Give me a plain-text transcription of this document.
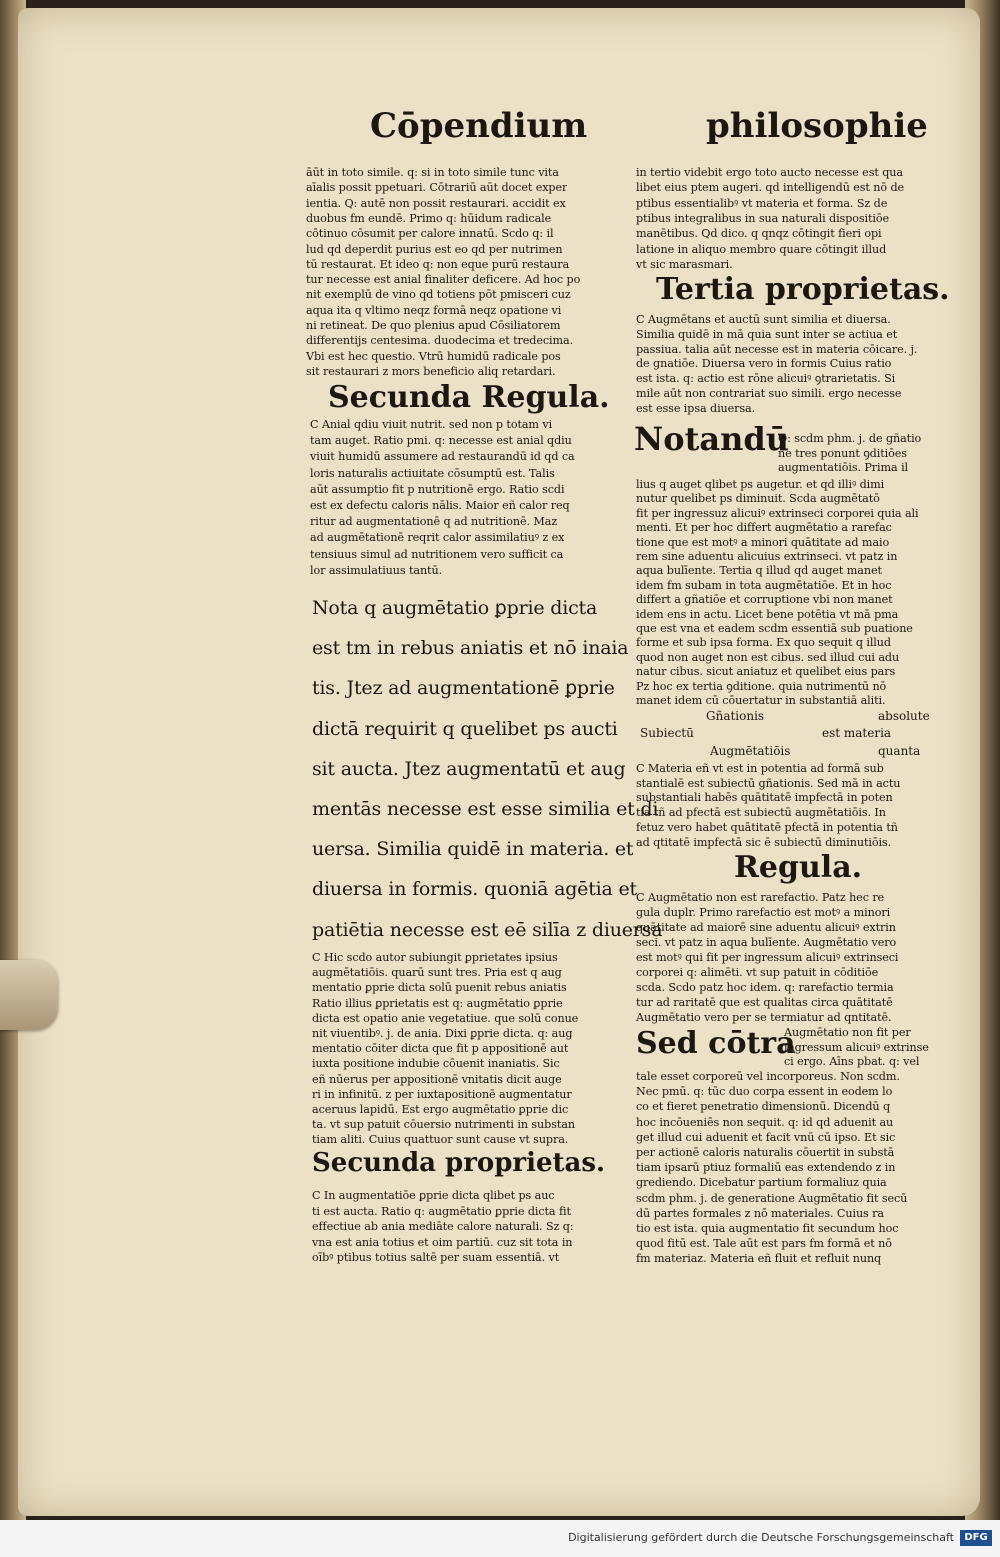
Cōpendium	philosophie
āūt in toto simile. q: si in toto simile tunc vita
aīalis possit ppetuari. Cōtrariū aūt docet exper
ientia. Q: autē non possit restaurari. accidit ex
duobus fm eundē. Primo q: hūidum radicale
cōtinuo cōsumit per calore innatū. Scdo q: il
lud qd deperdit purius est eo qd per nutrimen
tū restaurat. Et ideo q: non eque purū restaura
tur necesse est anial finaliter deficere. Ad hoc po
nit exemplū de vino qd totiens pōt pmisceri cuz
aqua ita q vltimo neqz formā neqz opatione vi
ni retineat. De quo plenius apud Cōsiliatorem
differentijs centesima. duodecima et tredecima.
Vbi est hec questio. Vtrū humidū radicale pos
sit restaurari z mors beneficio aliq retardari.
Secunda Regula.
C Anial qdiu viuit nutrit. sed non p totam vi
tam auget. Ratio pmi. q: necesse est anial qdiu
viuit humidū assumere ad restaurandū id qd ca
loris naturalis actiuitate cōsumptū est. Talis
aūt assumptio fit p nutritionē ergo. Ratio scdi
est ex defectu caloris nālis. Maior eñ calor req
ritur ad augmentationē q ad nutritionē. Maz
ad augmētationē reqrit calor assimilatiuꝰ z ex
tensiuus simul ad nutritionem vero sufficit ca
lor assimulatiuus tantū.
Nota q augmētatio ꝑprie dicta
est tm in rebus aniatis et nō inaia
tis. Jtez ad augmentationē ꝑprie
dictā requirit q quelibet ps aucti
sit aucta. Jtez augmentatū et aug
mentās necesse est esse similia et di
uersa. Similia quidē in materia. et
diuersa in formis. quoniā agētia et
patiētia necesse est eē silīa z diuersa
C Hic scdo autor subiungit ꝑprietates ipsius
augmētatiōis. quarū sunt tres. Pria est q aug
mentatio ꝑprie dicta solū puenit rebus aniatis
Ratio illius ꝑprietatis est q: augmētatio ꝑprie
dicta est opatio anie vegetatiue. que solū conue
nit viuentibꝰ. j. de ania. Dixi ꝑprie dicta. q: aug
mentatio cōiter dicta que fit p appositionē aut
iuxta positione indubie cōuenit inaniatis. Sic
eñ nūerus per appositionē vnitatis dicit auge
ri in infinitū. z per iuxtapositionē augmentatur
aceruus lapidū. Est ergo augmētatio ꝑprie dic
ta. vt sup patuit cōuersio nutrimenti in substan
tiam aliti. Cuius quattuor sunt cause vt supra.
Secunda proprietas.
C In augmentatiōe ꝑprie dicta qlibet ps auc
ti est aucta. Ratio q: augmētatio ꝑprie dicta fit
effectiue ab ania mediāte calore naturali. Sz q:
vna est ania totius et oim partiū. cuz sit tota in
oībꝰ ptibus totius saltē per suam essentiā. vt
in tertio videbit ergo toto aucto necesse est qua
libet eius ptem augeri. qd intelligendū est nō de
ptibus essentialibꝰ vt materia et forma. Sz de
ptibus integralibus in sua naturali dispositiōe
manētibus. Qd dico. q qnqz cōtingit fieri opi
latione in aliquo membro quare cōtingit illud
vt sic marasmari.
Tertia proprietas.
C Augmētans et auctū sunt similia et diuersa.
Similia quidē in mā quia sunt inter se actiua et
passiua. talia aūt necesse est in materia cōicare. j.
de gnatiōe. Diuersa vero in formis Cuius ratio
est ista. q: actio est rōne alicuiꝰ ꝯtrarietatis. Si
mile aūt non contrariat suo simili. ergo necesse
est esse ipsa diuersa.
Notandū
Q: scdm phm. j. de gñatio
ne tres ponunt ꝯditiōes
augmentatiōis. Prima il
lius q auget qlibet ps augetur. et qd illiꝰ dimi
nutur quelibet ps diminuit. Scda augmētatō
fit per ingressuz alicuiꝰ extrinseci corporei quia ali
menti. Et per hoc differt augmētatio a rarefac
tione que est motꝰ a minori quātitate ad maio
rem sine aduentu alicuius extrinseci. vt patz in
aqua bulīente. Tertia q illud qd auget manet
idem fm subam in tota augmētatiōe. Et in hoc
differt a gñatiōe et corruptione vbi non manet
idem ens in actu. Licet bene potētia vt mā pma
que est vna et eadem scdm essentiā sub puatione
forme et sub ipsa forma. Ex quo sequit q illud
quod non auget non est cibus. sed illud cui adu
natur cibus. sicut aniatuz et quelibet eius pars
Pz hoc ex tertia ꝯditione. quia nutrimentū nō
manet idem cū cōuertatur in substantiā aliti.
Gñationis	absolute
Subiectū	est materia
Augmētatiōis	quanta
C Materia eñ vt est in potentia ad formā sub
stantialē est subiectū gñationis. Sed mā in actu
substantiali habēs quātitatē impfectā in poten
tia tñ ad pfectā est subiectū augmētatiōis. In
fetuz vero habet quātitatē pfectā in potentia tñ
ad qtitatē impfectā sic ē subiectū diminutiōis.
Regula.
C Augmētatio non est rarefactio. Patz hec re
gula duplr. Primo rarefactio est motꝰ a minori
quātitate ad maiorē sine aduentu alicuiꝰ extrin
seci. vt patz in aqua bulīente. Augmētatio vero
est motꝰ qui fit per ingressum alicuiꝰ extrinseci
corporei q: alimēti. vt sup patuit in cōditiōe
scda. Scdo patz hoc idem. q: rarefactio termia
tur ad raritatē que est qualitas circa quātitatē
Augmētatio vero per se termiatur ad qntitatē.
Sed cōtra
Augmētatio non fit per
ingressum alicuiꝰ extrinse
ci ergo. Aīns pbat. q: vel
tale esset corporeū vel incorporeus. Non scdm.
Nec pmū. q: tūc duo corpa essent in eodem lo
co et fieret penetratio dimensionū. Dicendū q
hoc incōueniēs non sequit. q: id qd aduenit au
get illud cui aduenit et facit vnū cū ipso. Et sic
per actionē caloris naturalis cōuertit in substā
tiam ipsarū ptiuz formaliū eas extendendo z in
grediendo. Dicebatur partium formaliuz quia
scdm phm. j. de generatione Augmētatio fit secū
dū partes formales z nō materiales. Cuius ra
tio est ista. quia augmentatio fit secundum hoc
quod fitū est. Tale aūt est pars fm formā et nō
fm materiaz. Materia eñ fluit et refluit nunq
Digitalisierung gefördert durch die Deutsche Forschungsgemeinschaft	DFG
